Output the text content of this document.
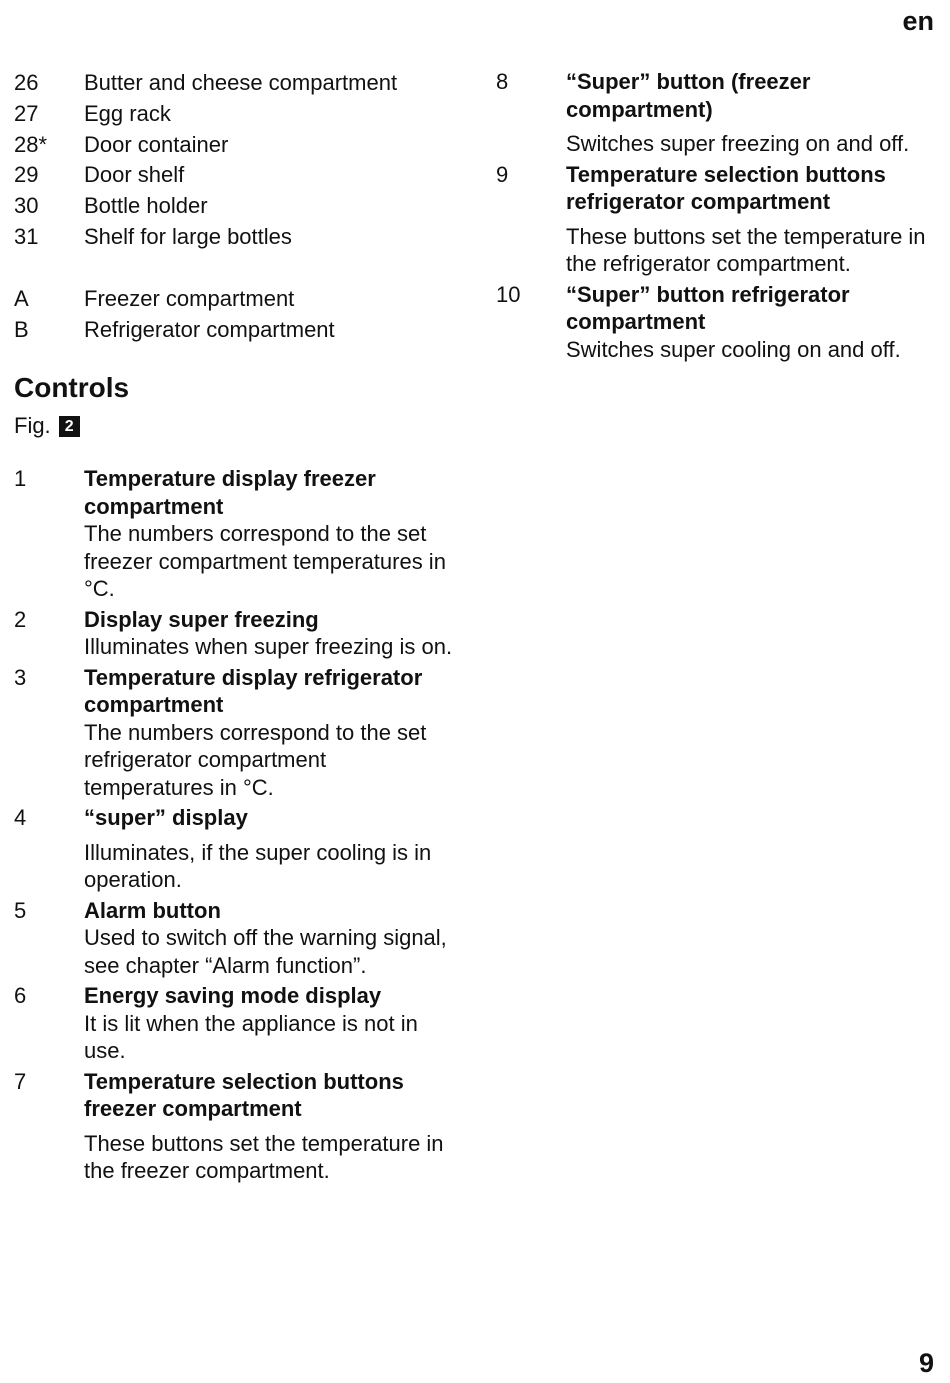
en
26	Butter and cheese compartment
27	Egg rack
28*	Door container
29	Door shelf
30	Bottle holder
31	Shelf for large bottles
A	Freezer compartment
B	Refrigerator compartment
Controls
Fig. 2
1	Temperature display freezer compartment
The numbers correspond to the set freezer compartment temperatures in °C.
2	Display super freezing
Illuminates when super freezing is on.
3	Temperature display refrigerator compartment
The numbers correspond to the set refrigerator compartment temperatures in °C.
4	“super” display
Illuminates, if the super cooling is in operation.
5	Alarm button
Used to switch off the warning signal, see chapter “Alarm function”.
6	Energy saving mode display
It is lit when the appliance is not in use.
7	Temperature selection buttons freezer compartment
These buttons set the temperature in the freezer compartment.
8	“Super” button (freezer compartment)
Switches super freezing on and off.
9	Temperature selection buttons refrigerator compartment
These buttons set the temperature in the refrigerator compartment.
10	“Super” button refrigerator compartment
Switches super cooling on and off.
9
